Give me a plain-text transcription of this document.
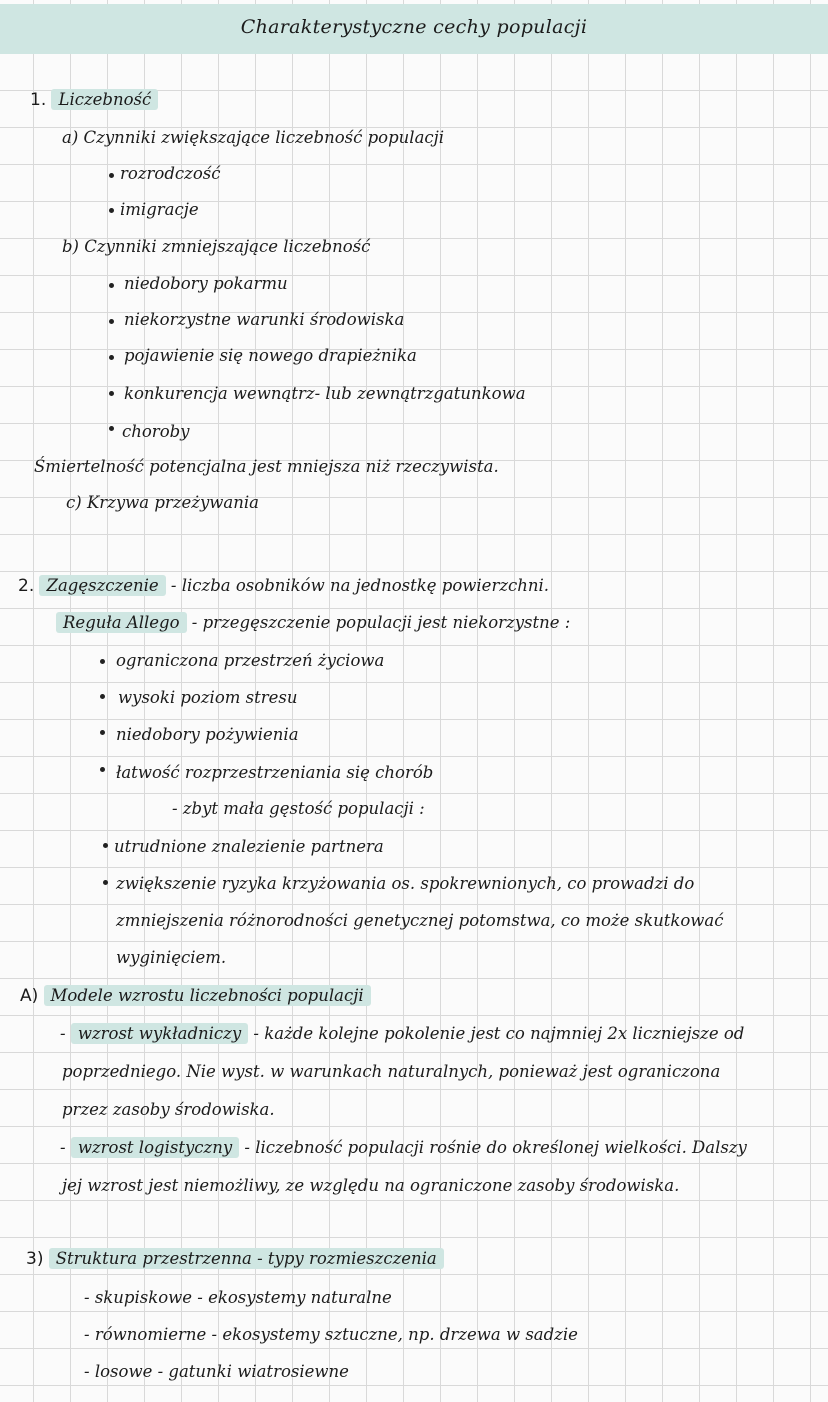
Charakterystyczne cechy populacji
1. Liczebność
a) Czynniki zwiększające liczebność populacji
rozrodczość
imigracje
b) Czynniki zmniejszające liczebność
niedobory pokarmu
niekorzystne warunki środowiska
pojawienie się nowego drapieżnika
konkurencja wewnątrz- lub zewnątrzgatunkowa
choroby
Śmiertelność potencjalna jest mniejsza niż rzeczywista.
c) Krzywa przeżywania
2. Zagęszczenie - liczba osobników na jednostkę powierzchni.
Reguła Allego - przegęszczenie populacji jest niekorzystne :
ograniczona przestrzeń życiowa
wysoki poziom stresu
niedobory pożywienia
łatwość rozprzestrzeniania się chorób
- zbyt mała gęstość populacji :
utrudnione znalezienie partnera
zwiększenie ryzyka krzyżowania os. spokrewnionych, co prowadzi do
zmniejszenia różnorodności genetycznej potomstwa, co może skutkować
wyginięciem.
A) Modele wzrostu liczebności populacji
- wzrost wykładniczy - każde kolejne pokolenie jest co najmniej 2x liczniejsze od
poprzedniego. Nie wyst. w warunkach naturalnych, ponieważ jest ograniczona
przez zasoby środowiska.
- wzrost logistyczny - liczebność populacji rośnie do określonej wielkości. Dalszy
jej wzrost jest niemożliwy, ze względu na ograniczone zasoby środowiska.
3) Struktura przestrzenna - typy rozmieszczenia
- skupiskowe - ekosystemy naturalne
- równomierne - ekosystemy sztuczne, np. drzewa w sadzie
- losowe - gatunki wiatrosiewne
